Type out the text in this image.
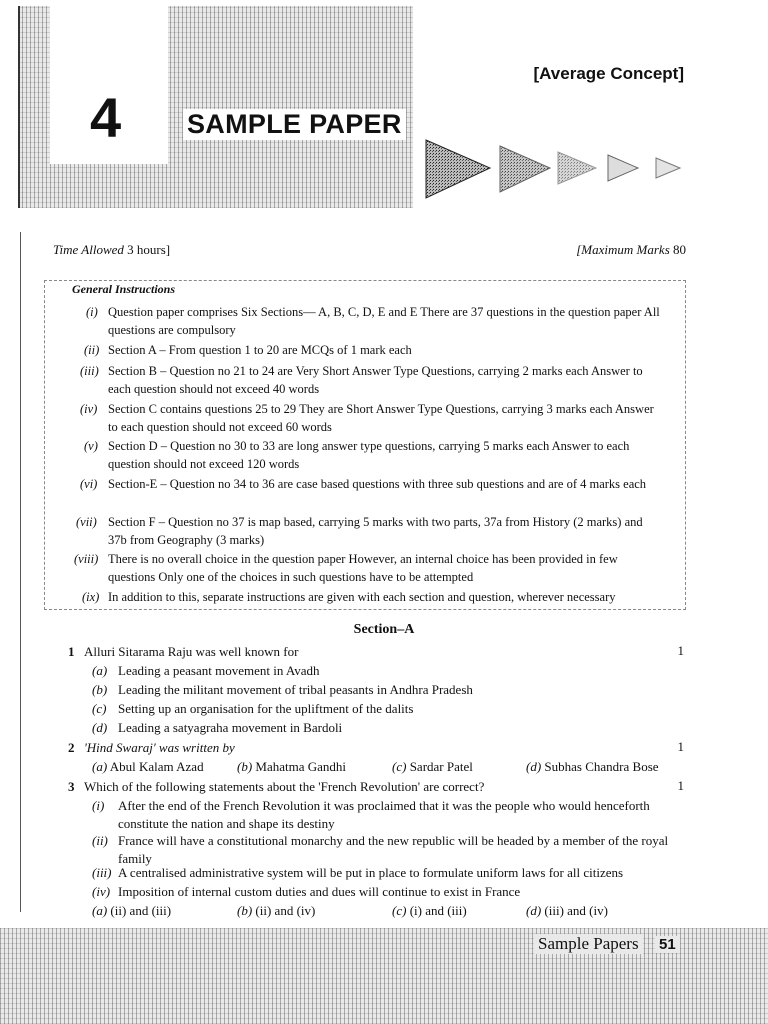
4 SAMPLE PAPER
[Average Concept]
Time Allowed 3 hours]	[Maximum Marks 80
General Instructions
(i) Question paper comprises Six Sections— A, B, C, D, E and E There are 37 questions in the question paper All questions are compulsory
(ii) Section A – From question 1 to 20 are MCQs of 1 mark each
(iii) Section B – Question no 21 to 24 are Very Short Answer Type Questions, carrying 2 marks each Answer to each question should not exceed 40 words
(iv) Section C contains questions 25 to 29 They are Short Answer Type Questions, carrying 3 marks each Answer to each question should not exceed 60 words
(v) Section D – Question no 30 to 33 are long answer type questions, carrying 5 marks each Answer to each question should not exceed 120 words
(vi) Section-E – Question no 34 to 36 are case based questions with three sub questions and are of 4 marks each
(vii) Section F – Question no 37 is map based, carrying 5 marks with two parts, 37a from History (2 marks) and 37b from Geography (3 marks)
(viii) There is no overall choice in the question paper However, an internal choice has been provided in few questions Only one of the choices in such questions have to be attempted
(ix) In addition to this, separate instructions are given with each section and question, wherever necessary
Section–A
1 Alluri Sitarama Raju was well known for	1
(a) Leading a peasant movement in Avadh
(b) Leading the militant movement of tribal peasants in Andhra Pradesh
(c) Setting up an organisation for the upliftment of the dalits
(d) Leading a satyagraha movement in Bardoli
2 'Hind Swaraj' was written by	1
(a) Abul Kalam Azad	(b) Mahatma Gandhi	(c) Sardar Patel	(d) Subhas Chandra Bose
3 Which of the following statements about the 'French Revolution' are correct?	1
(i) After the end of the French Revolution it was proclaimed that it was the people who would henceforth constitute the nation and shape its destiny
(ii) France will have a constitutional monarchy and the new republic will be headed by a member of the royal family
(iii) A centralised administrative system will be put in place to formulate uniform laws for all citizens
(iv) Imposition of internal custom duties and dues will continue to exist in France
(a) (ii) and (iii)	(b) (ii) and (iv)	(c) (i) and (iii)	(d) (iii) and (iv)
Sample Papers 51
